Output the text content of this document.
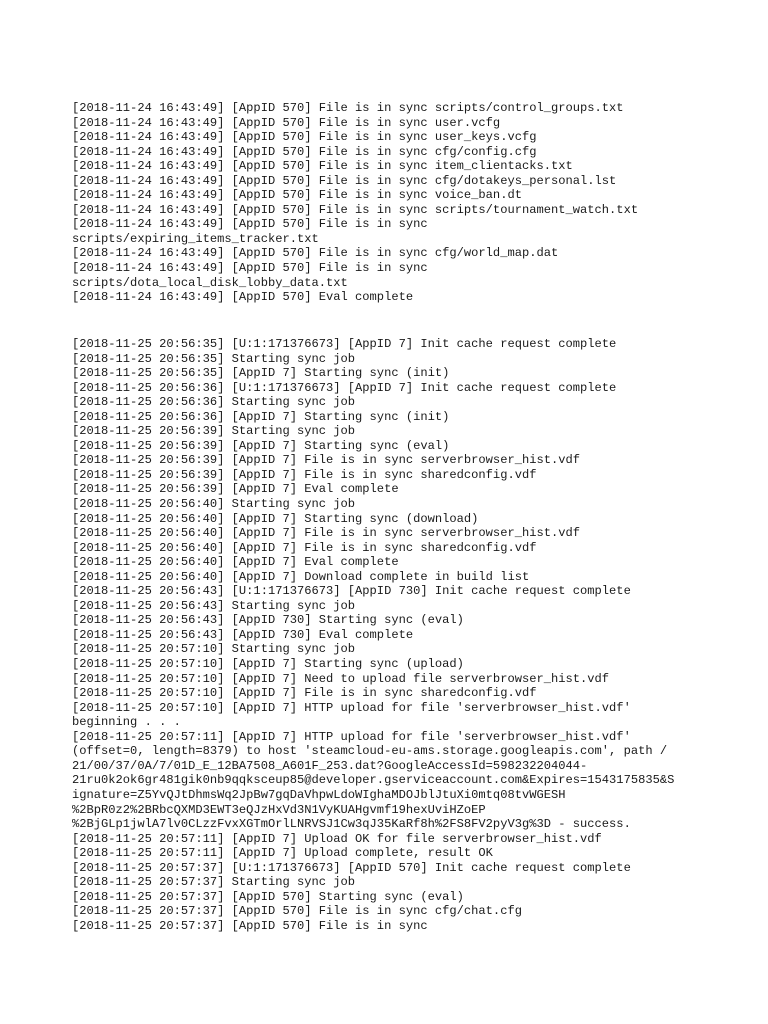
[2018-11-24 16:43:49] [AppID 570] File is in sync scripts/control_groups.txt
[2018-11-24 16:43:49] [AppID 570] File is in sync user.vcfg
[2018-11-24 16:43:49] [AppID 570] File is in sync user_keys.vcfg
[2018-11-24 16:43:49] [AppID 570] File is in sync cfg/config.cfg
[2018-11-24 16:43:49] [AppID 570] File is in sync item_clientacks.txt
[2018-11-24 16:43:49] [AppID 570] File is in sync cfg/dotakeys_personal.lst
[2018-11-24 16:43:49] [AppID 570] File is in sync voice_ban.dt
[2018-11-24 16:43:49] [AppID 570] File is in sync scripts/tournament_watch.txt
[2018-11-24 16:43:49] [AppID 570] File is in sync
scripts/expiring_items_tracker.txt
[2018-11-24 16:43:49] [AppID 570] File is in sync cfg/world_map.dat
[2018-11-24 16:43:49] [AppID 570] File is in sync
scripts/dota_local_disk_lobby_data.txt
[2018-11-24 16:43:49] [AppID 570] Eval complete
[2018-11-25 20:56:35] [U:1:171376673] [AppID 7] Init cache request complete
[2018-11-25 20:56:35] Starting sync job
[2018-11-25 20:56:35] [AppID 7] Starting sync (init)
[2018-11-25 20:56:36] [U:1:171376673] [AppID 7] Init cache request complete
[2018-11-25 20:56:36] Starting sync job
[2018-11-25 20:56:36] [AppID 7] Starting sync (init)
[2018-11-25 20:56:39] Starting sync job
[2018-11-25 20:56:39] [AppID 7] Starting sync (eval)
[2018-11-25 20:56:39] [AppID 7] File is in sync serverbrowser_hist.vdf
[2018-11-25 20:56:39] [AppID 7] File is in sync sharedconfig.vdf
[2018-11-25 20:56:39] [AppID 7] Eval complete
[2018-11-25 20:56:40] Starting sync job
[2018-11-25 20:56:40] [AppID 7] Starting sync (download)
[2018-11-25 20:56:40] [AppID 7] File is in sync serverbrowser_hist.vdf
[2018-11-25 20:56:40] [AppID 7] File is in sync sharedconfig.vdf
[2018-11-25 20:56:40] [AppID 7] Eval complete
[2018-11-25 20:56:40] [AppID 7] Download complete in build list
[2018-11-25 20:56:43] [U:1:171376673] [AppID 730] Init cache request complete
[2018-11-25 20:56:43] Starting sync job
[2018-11-25 20:56:43] [AppID 730] Starting sync (eval)
[2018-11-25 20:56:43] [AppID 730] Eval complete
[2018-11-25 20:57:10] Starting sync job
[2018-11-25 20:57:10] [AppID 7] Starting sync (upload)
[2018-11-25 20:57:10] [AppID 7] Need to upload file serverbrowser_hist.vdf
[2018-11-25 20:57:10] [AppID 7] File is in sync sharedconfig.vdf
[2018-11-25 20:57:10] [AppID 7] HTTP upload for file 'serverbrowser_hist.vdf'
beginning . . .
[2018-11-25 20:57:11] [AppID 7] HTTP upload for file 'serverbrowser_hist.vdf'
(offset=0, length=8379) to host 'steamcloud-eu-ams.storage.googleapis.com', path /
21/00/37/0A/7/01D_E_12BA7508_A601F_253.dat?GoogleAccessId=598232204044-
21ru0k2ok6gr481gik0nb9qqksceup85@developer.gserviceaccount.com&Expires=1543175835&S
ignature=Z5YvQJtDhmsWq2JpBw7gqDaVhpwLdoWIghaMDOJblJtuXi0mtq08tvWGESH
%2BpR0z2%2BRbcQXMD3EWT3eQJzHxVd3N1VyKUAHgvmf19hexUviHZoEP
%2BjGLp1jwlA7lv0CLzzFvxXGTmOrlLNRVSJ1Cw3qJ35KaRf8h%2FS8FV2pyV3g%3D - success.
[2018-11-25 20:57:11] [AppID 7] Upload OK for file serverbrowser_hist.vdf
[2018-11-25 20:57:11] [AppID 7] Upload complete, result OK
[2018-11-25 20:57:37] [U:1:171376673] [AppID 570] Init cache request complete
[2018-11-25 20:57:37] Starting sync job
[2018-11-25 20:57:37] [AppID 570] Starting sync (eval)
[2018-11-25 20:57:37] [AppID 570] File is in sync cfg/chat.cfg
[2018-11-25 20:57:37] [AppID 570] File is in sync
